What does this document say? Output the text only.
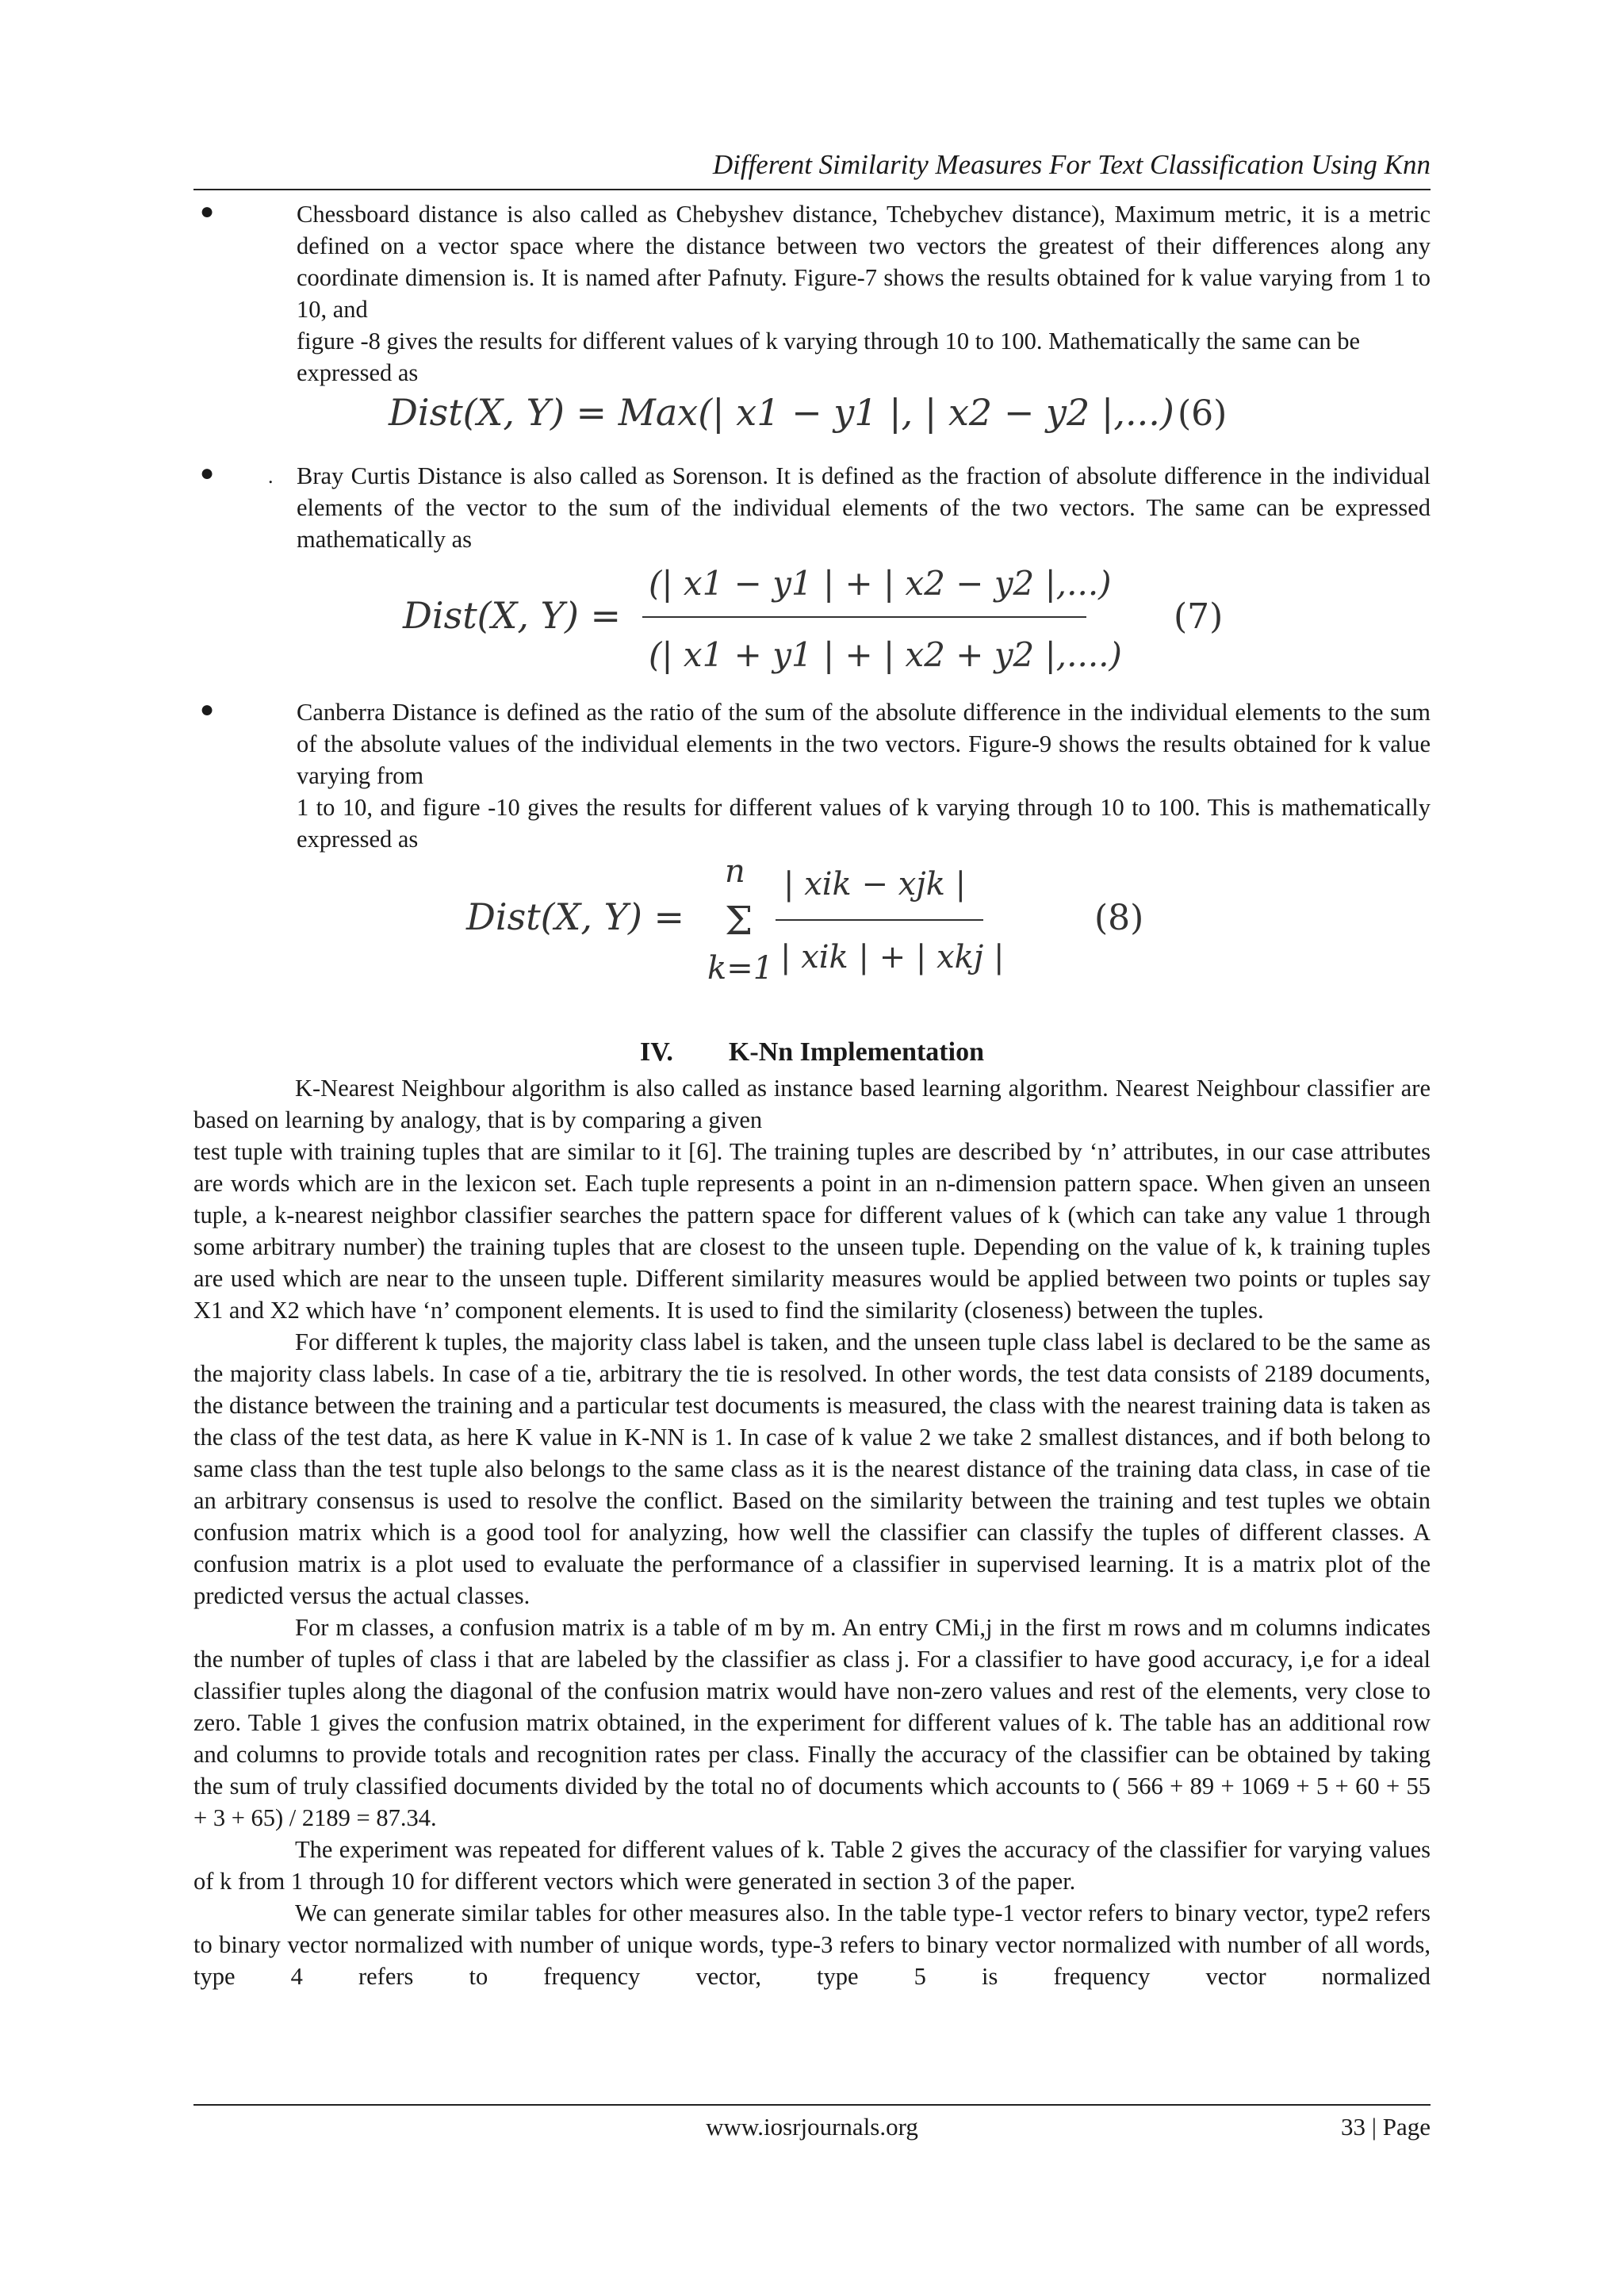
Different Similarity Measures For Text Classification Using Knn
●	Chessboard distance is also called as Chebyshev distance, Tchebychev distance), Maximum metric, it is a metric defined on a vector space where the distance between two vectors the greatest of their differences along any coordinate dimension is. It is named after Pafnuty. Figure-7 shows the results obtained for k value varying from 1 to 10, and

figure -8 gives the results for different values of k varying through 10 to 100. Mathematically the same can be expressed as

Dist(X, Y) = Max(| x1 − y1 |, | x2 − y2 |,...) (6)
●	. Bray Curtis Distance is also called as Sorenson. It is defined as the fraction of absolute difference in the individual elements of the vector to the sum of the individual elements of the two vectors. The same can be expressed mathematically as

Dist(X, Y) =
(| x1 − y1 | + | x2 − y2 |,...)
(| x1 + y1 | + | x2 + y2 |,....)
(7)
●	Canberra Distance is defined as the ratio of the sum of the absolute difference in the individual elements to the sum of the absolute values of the individual elements in the two vectors. Figure-9 shows the results obtained for k value varying from

1 to 10, and figure -10 gives the results for different values of k varying through 10 to 100. This is mathematically expressed as

Dist(X, Y) =
n
Σ
k=1
| xik − xjk |
| xik | + | xkj |
(8)
IV. K-Nn Implementation

K-Nearest Neighbour algorithm is also called as instance based learning algorithm. Nearest Neighbour classifier are based on learning by analogy, that is by comparing a given

test tuple with training tuples that are similar to it [6]. The training tuples are described by ‘n’ attributes, in our case attributes are words which are in the lexicon set. Each tuple represents a point in an n-dimension pattern space. When given an unseen tuple, a k-nearest neighbor classifier searches the pattern space for different values of k (which can take any value 1 through some arbitrary number) the training tuples that are closest to the unseen tuple. Depending on the value of k, k training tuples are used which are near to the unseen tuple. Different similarity measures would be applied between two points or tuples say X1 and X2 which have ‘n’ component elements. It is used to find the similarity (closeness) between the tuples.

For different k tuples, the majority class label is taken, and the unseen tuple class label is declared to be the same as the majority class labels. In case of a tie, arbitrary the tie is resolved. In other words, the test data consists of 2189 documents, the distance between the training and a particular test documents is measured, the class with the nearest training data is taken as the class of the test data, as here K value in K-NN is 1. In case of k value 2 we take 2 smallest distances, and if both belong to same class than the test tuple also belongs to the same class as it is the nearest distance of the training data class, in case of tie an arbitrary consensus is used to resolve the conflict. Based on the similarity between the training and test tuples we obtain confusion matrix which is a good tool for analyzing, how well the classifier can classify the tuples of different classes. A confusion matrix is a plot used to evaluate the performance of a classifier in supervised learning. It is a matrix plot of the predicted versus the actual classes.

For m classes, a confusion matrix is a table of m by m. An entry CMi,j in the first m rows and m columns indicates the number of tuples of class i that are labeled by the classifier as class j. For a classifier to have good accuracy, i,e for a ideal classifier tuples along the diagonal of the confusion matrix would have non-zero values and rest of the elements, very close to zero. Table 1 gives the confusion matrix obtained, in the experiment for different values of k. The table has an additional row and columns to provide totals and recognition rates per class. Finally the accuracy of the classifier can be obtained by taking the sum of truly classified documents divided by the total no of documents which accounts to ( 566 + 89 + 1069 + 5 + 60 + 55 + 3 + 65) / 2189 = 87.34.

The experiment was repeated for different values of k. Table 2 gives the accuracy of the classifier for varying values of k from 1 through 10 for different vectors which were generated in section 3 of the paper.

We can generate similar tables for other measures also. In the table type-1 vector refers to binary vector, type2 refers to binary vector normalized with number of unique words, type-3 refers to binary vector normalized with number of all words, type 4 refers to frequency vector, type 5 is frequency vector normalized

www.iosrjournals.org	33 | Page
